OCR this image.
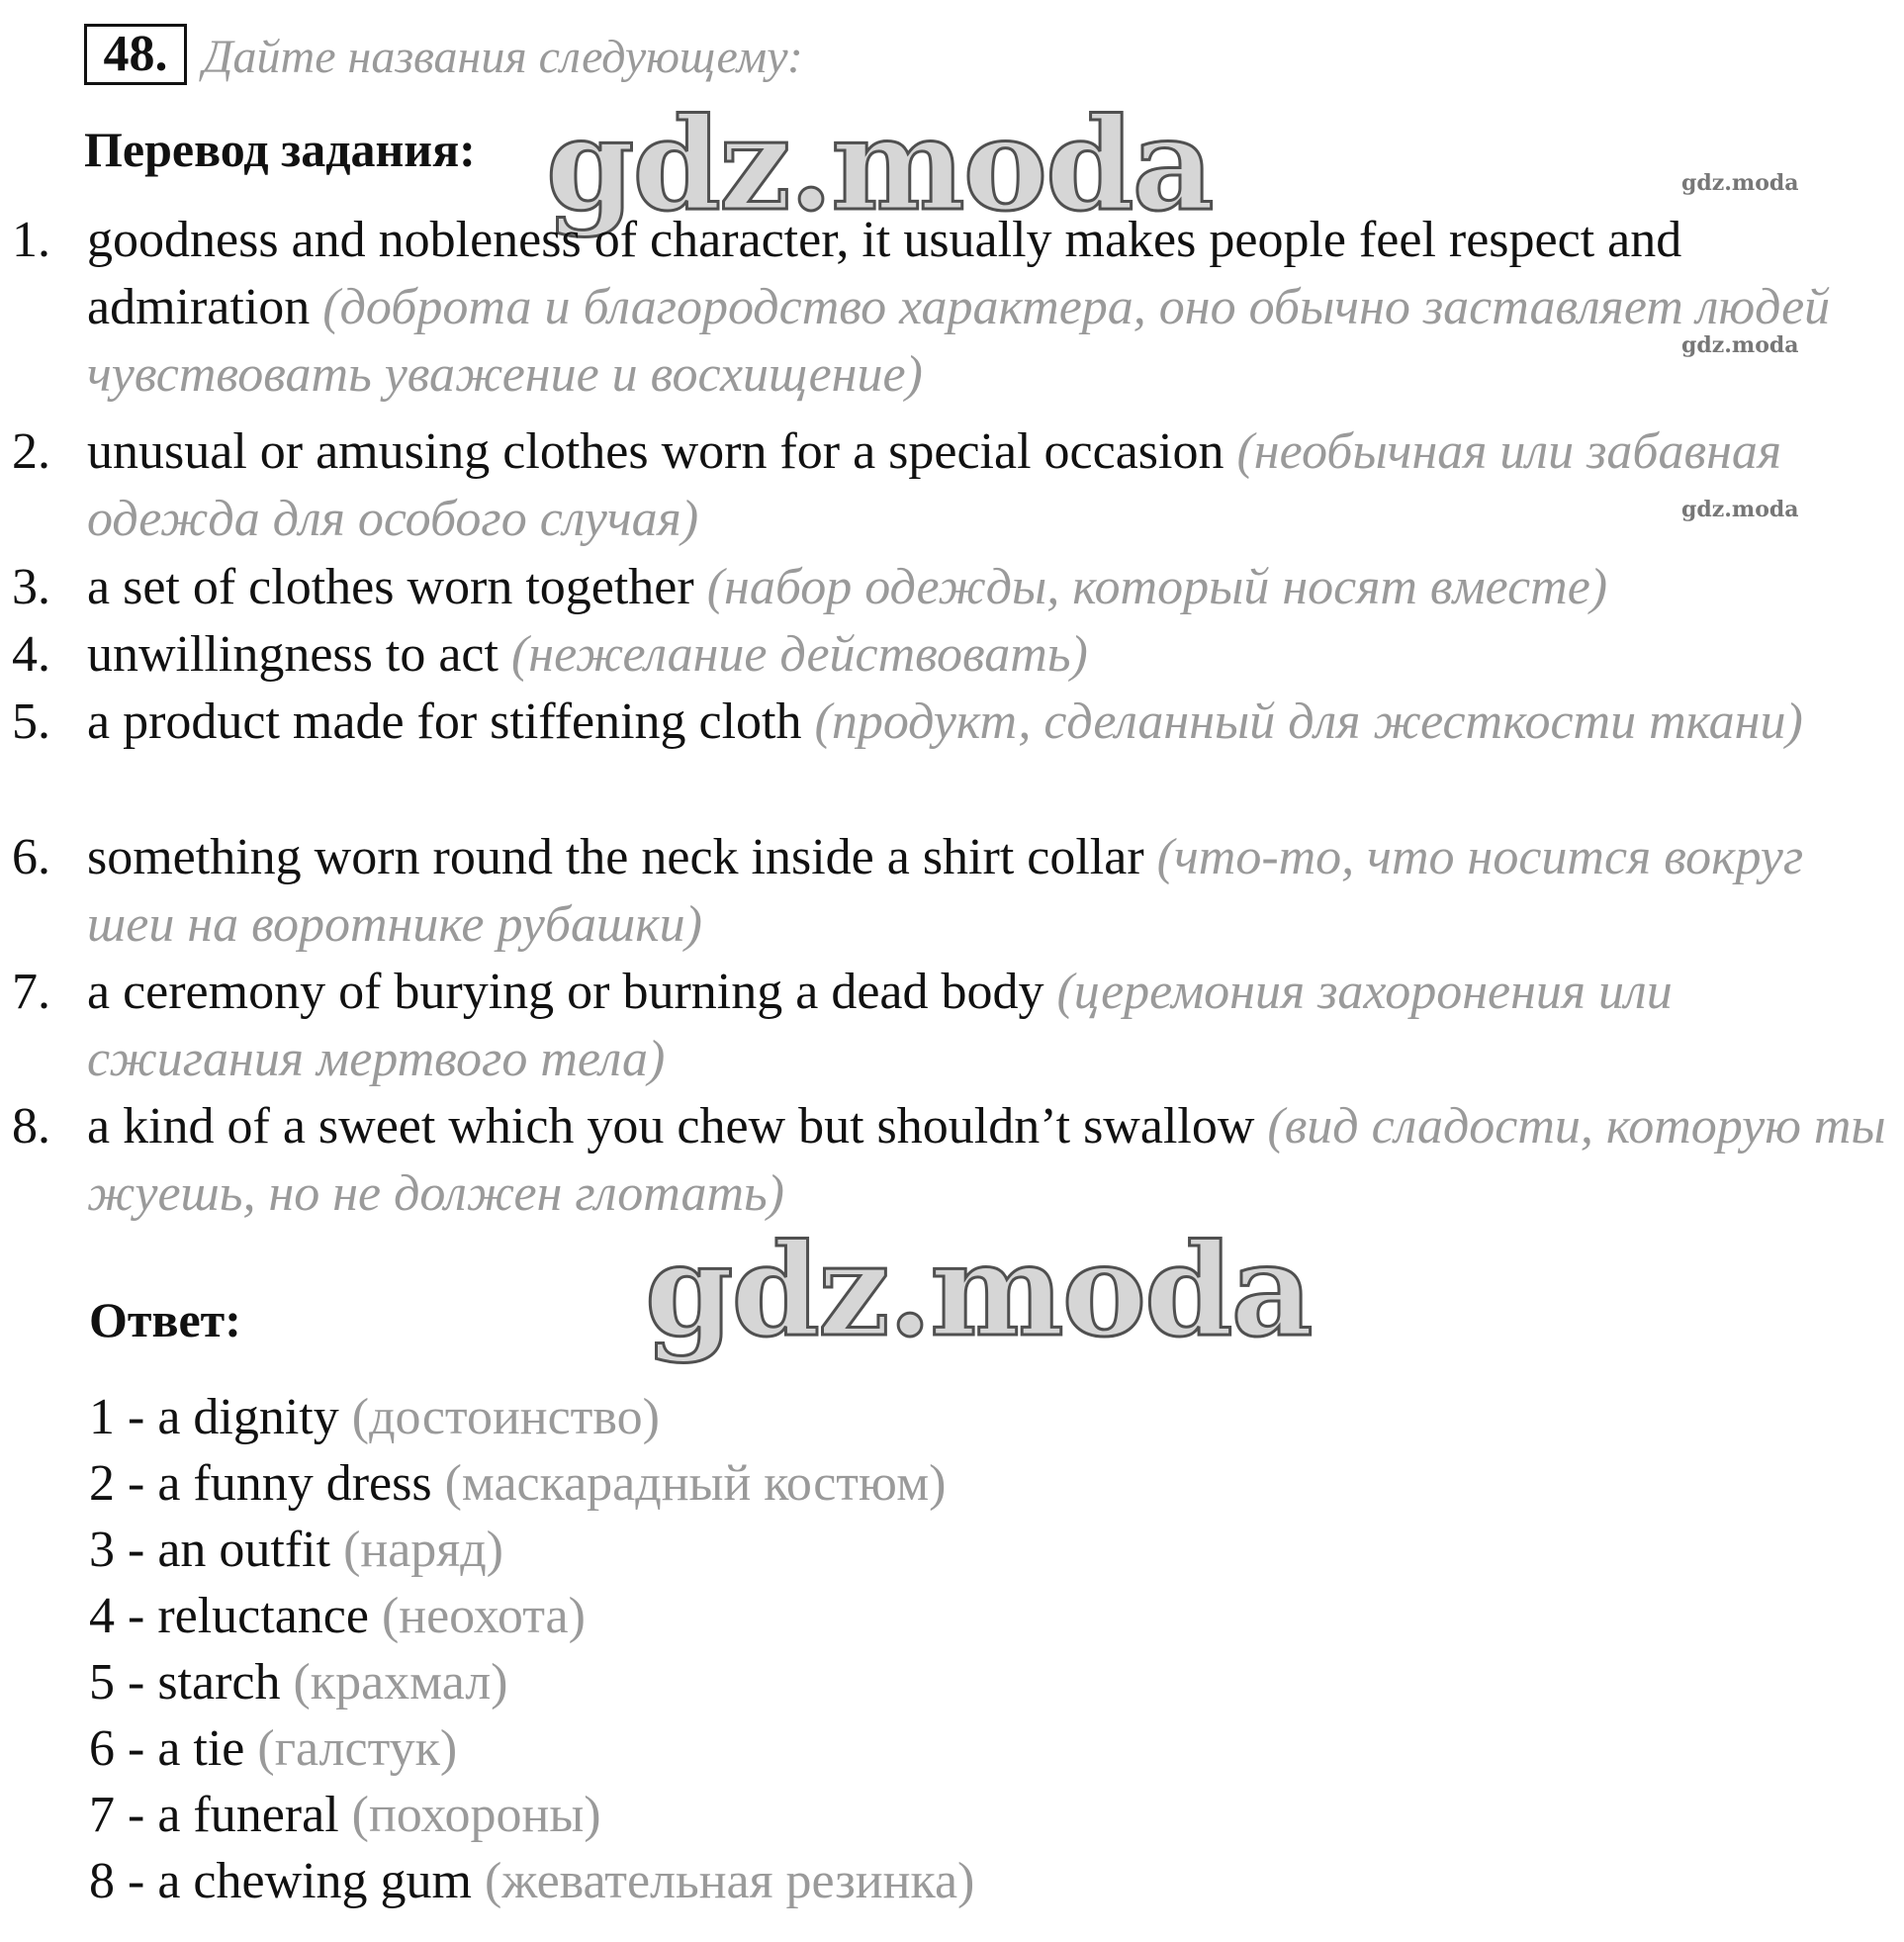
48. Дайте названия следующему:
Перевод задания: gdz.moda	gdz.moda
gdz.moda
gdz.moda
1. goodness and nobleness of character, it usually makes people feel respect and admiration (доброта и благородство характера, оно обычно заставляет людей чувствовать уважение и восхищение)
2. unusual or amusing clothes worn for a special occasion (необычная или забавная одежда для особого случая)
3. a set of clothes worn together (набор одежды, который носят вместе)
4. unwillingness to act (нежелание действовать)
5. a product made for stiffening cloth (продукт, сделанный для жесткости ткани)
6. something worn round the neck inside a shirt collar (что-то, что носится вокруг шеи на воротнике рубашки)
7. a ceremony of burying or burning a dead body (церемония захоронения или сжигания мертвого тела)
8. a kind of a sweet which you chew but shouldn’t swallow (вид сладости, которую ты жуешь, но не должен глотать)
gdz.moda
Ответ:
1 - a dignity (достоинство)
2 - a funny dress (маскарадный костюм)
3 - an outfit (наряд)
4 - reluctance (неохота)
5 - starch (крахмал)
6 - a tie (галстук)
7 - a funeral (похороны)
8 - a chewing gum (жевательная резинка)
